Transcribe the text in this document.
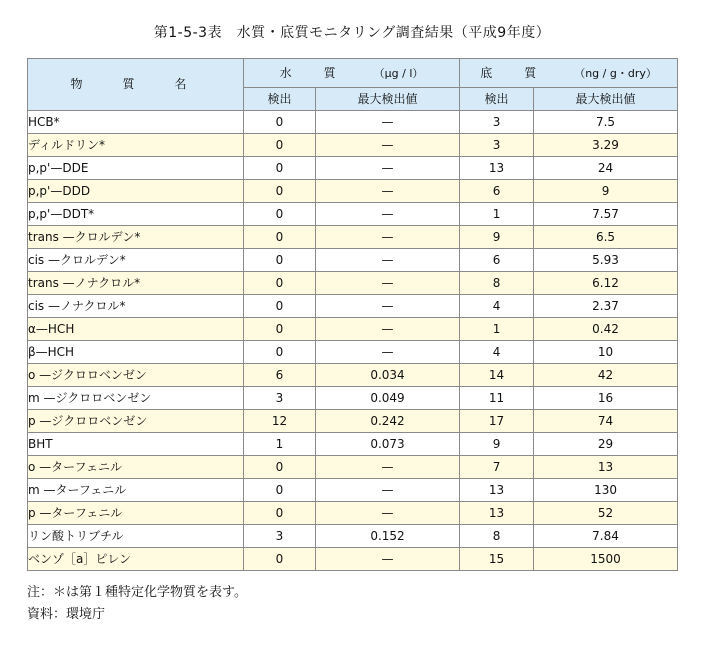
第1-5-3表　水質・底質モニタリング調査結果（平成9年度）
物　質　名	水　質 （μg / l）		底　質 （ng / g・dry）	
	検出	最大検出値	検出	最大検出値
HCB*	0	—	3	7.5
ディルドリン*	0	—	3	3.29
p,p'—DDE	0	—	13	24
p,p'—DDD	0	—	6	9
p,p'—DDT*	0	—	1	7.57
trans —クロルデン*	0	—	9	6.5
cis —クロルデン*	0	—	6	5.93
trans —ノナクロル*	0	—	8	6.12
cis —ノナクロル*	0	—	4	2.37
α—HCH	0	—	1	0.42
β—HCH	0	—	4	10
o —ジクロロベンゼン	6	0.034	14	42
m —ジクロロベンゼン	3	0.049	11	16
p —ジクロロベンゼン	12	0.242	17	74
BHT	1	0.073	9	29
o —ターフェニル	0	—	7	13
m —ターフェニル	0	—	13	130
p —ターフェニル	0	—	13	52
リン酸トリブチル	3	0.152	8	7.84
ベンゾ［a］ピレン	0	—	15	1500
注：＊は第１種特定化学物質を表す。
資料：環境庁
